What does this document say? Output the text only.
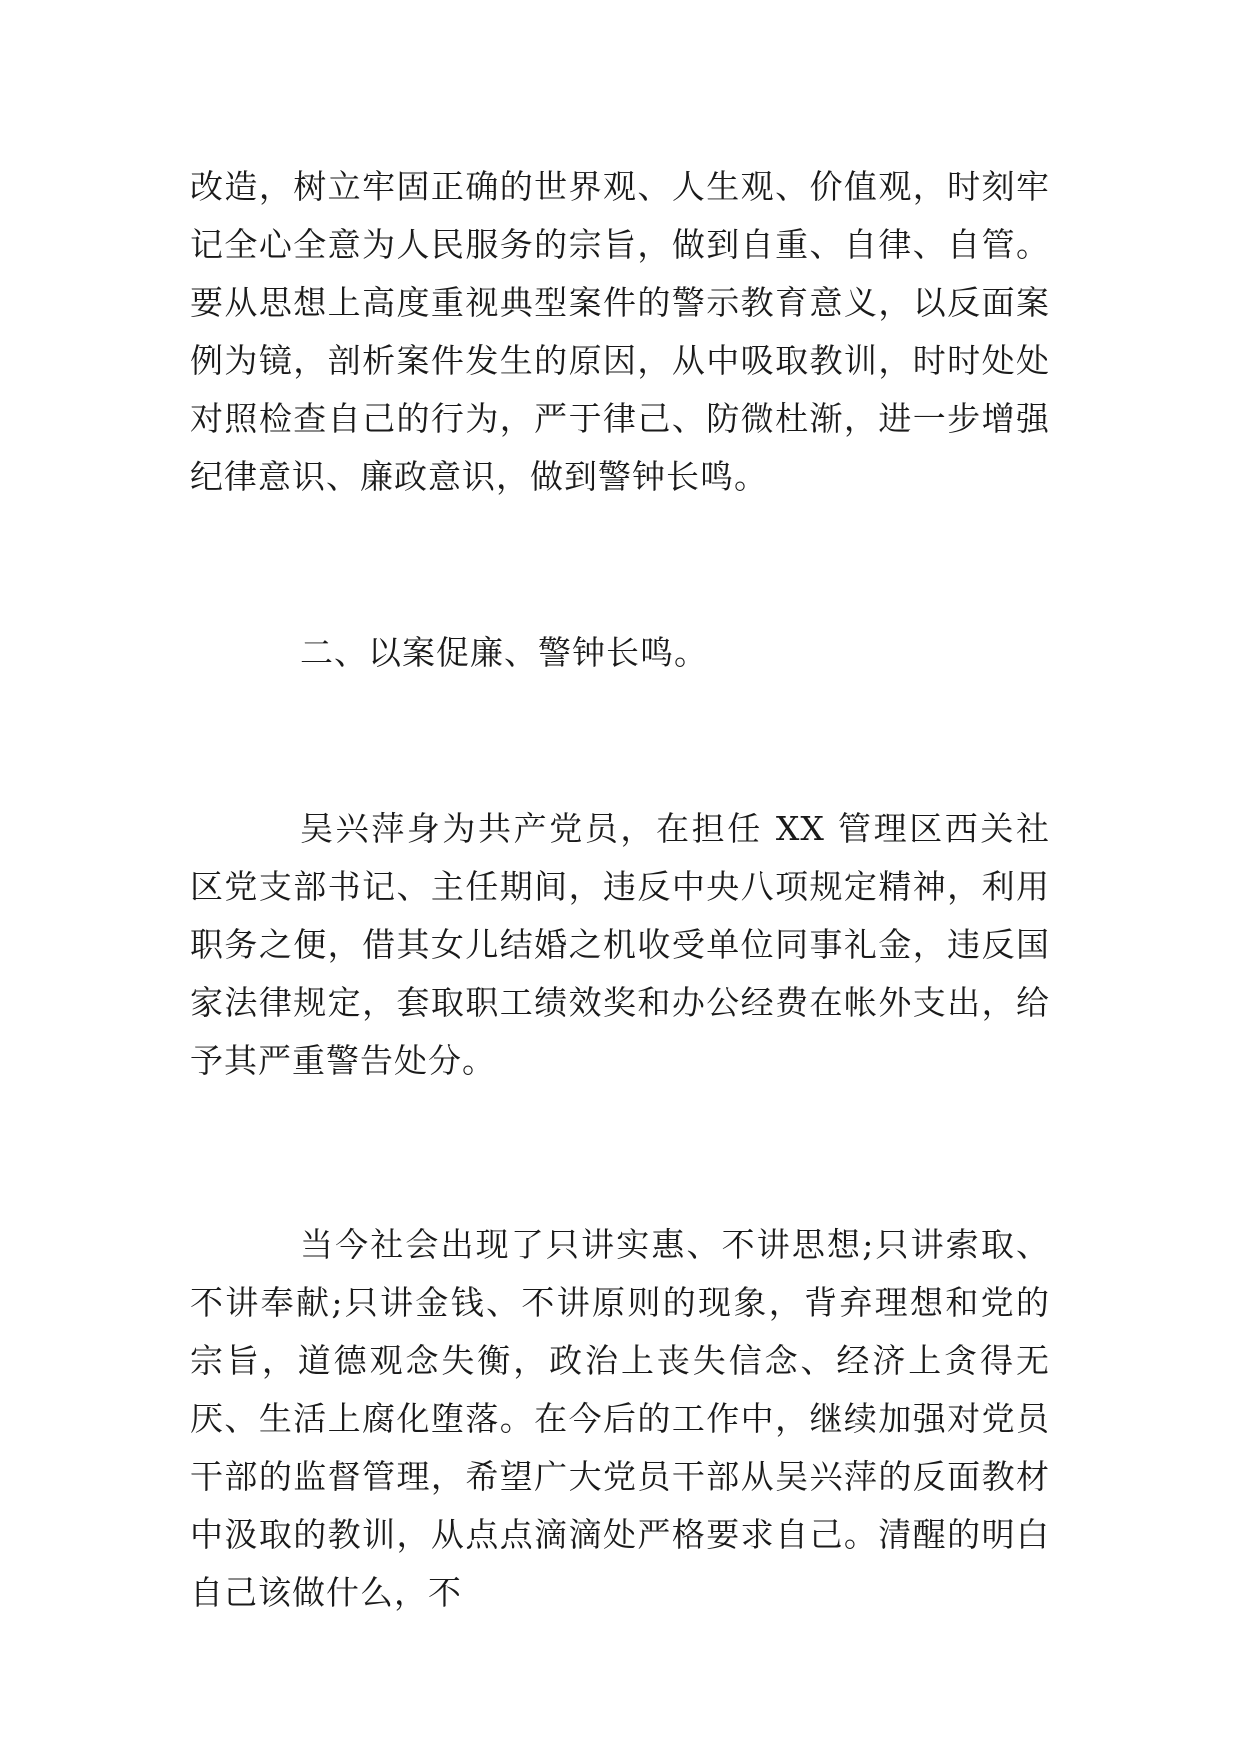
改造，树立牢固正确的世界观、人生观、价值观，时刻牢记全心全意为人民服务的宗旨，做到自重、自律、自管。要从思想上高度重视典型案件的警示教育意义，以反面案例为镜，剖析案件发生的原因，从中吸取教训，时时处处对照检查自己的行为，严于律己、防微杜渐，进一步增强纪律意识、廉政意识，做到警钟长鸣。

二、以案促廉、警钟长鸣。

吴兴萍身为共产党员，在担任 XX 管理区西关社区党支部书记、主任期间，违反中央八项规定精神，利用职务之便，借其女儿结婚之机收受单位同事礼金，违反国家法律规定，套取职工绩效奖和办公经费在帐外支出，给予其严重警告处分。

当今社会出现了只讲实惠、不讲思想;只讲索取、不讲奉献;只讲金钱、不讲原则的现象，背弃理想和党的宗旨，道德观念失衡，政治上丧失信念、经济上贪得无厌、生活上腐化堕落。在今后的工作中，继续加强对党员干部的监督管理，希望广大党员干部从吴兴萍的反面教材中汲取的教训，从点点滴滴处严格要求自己。清醒的明白自己该做什么，不
